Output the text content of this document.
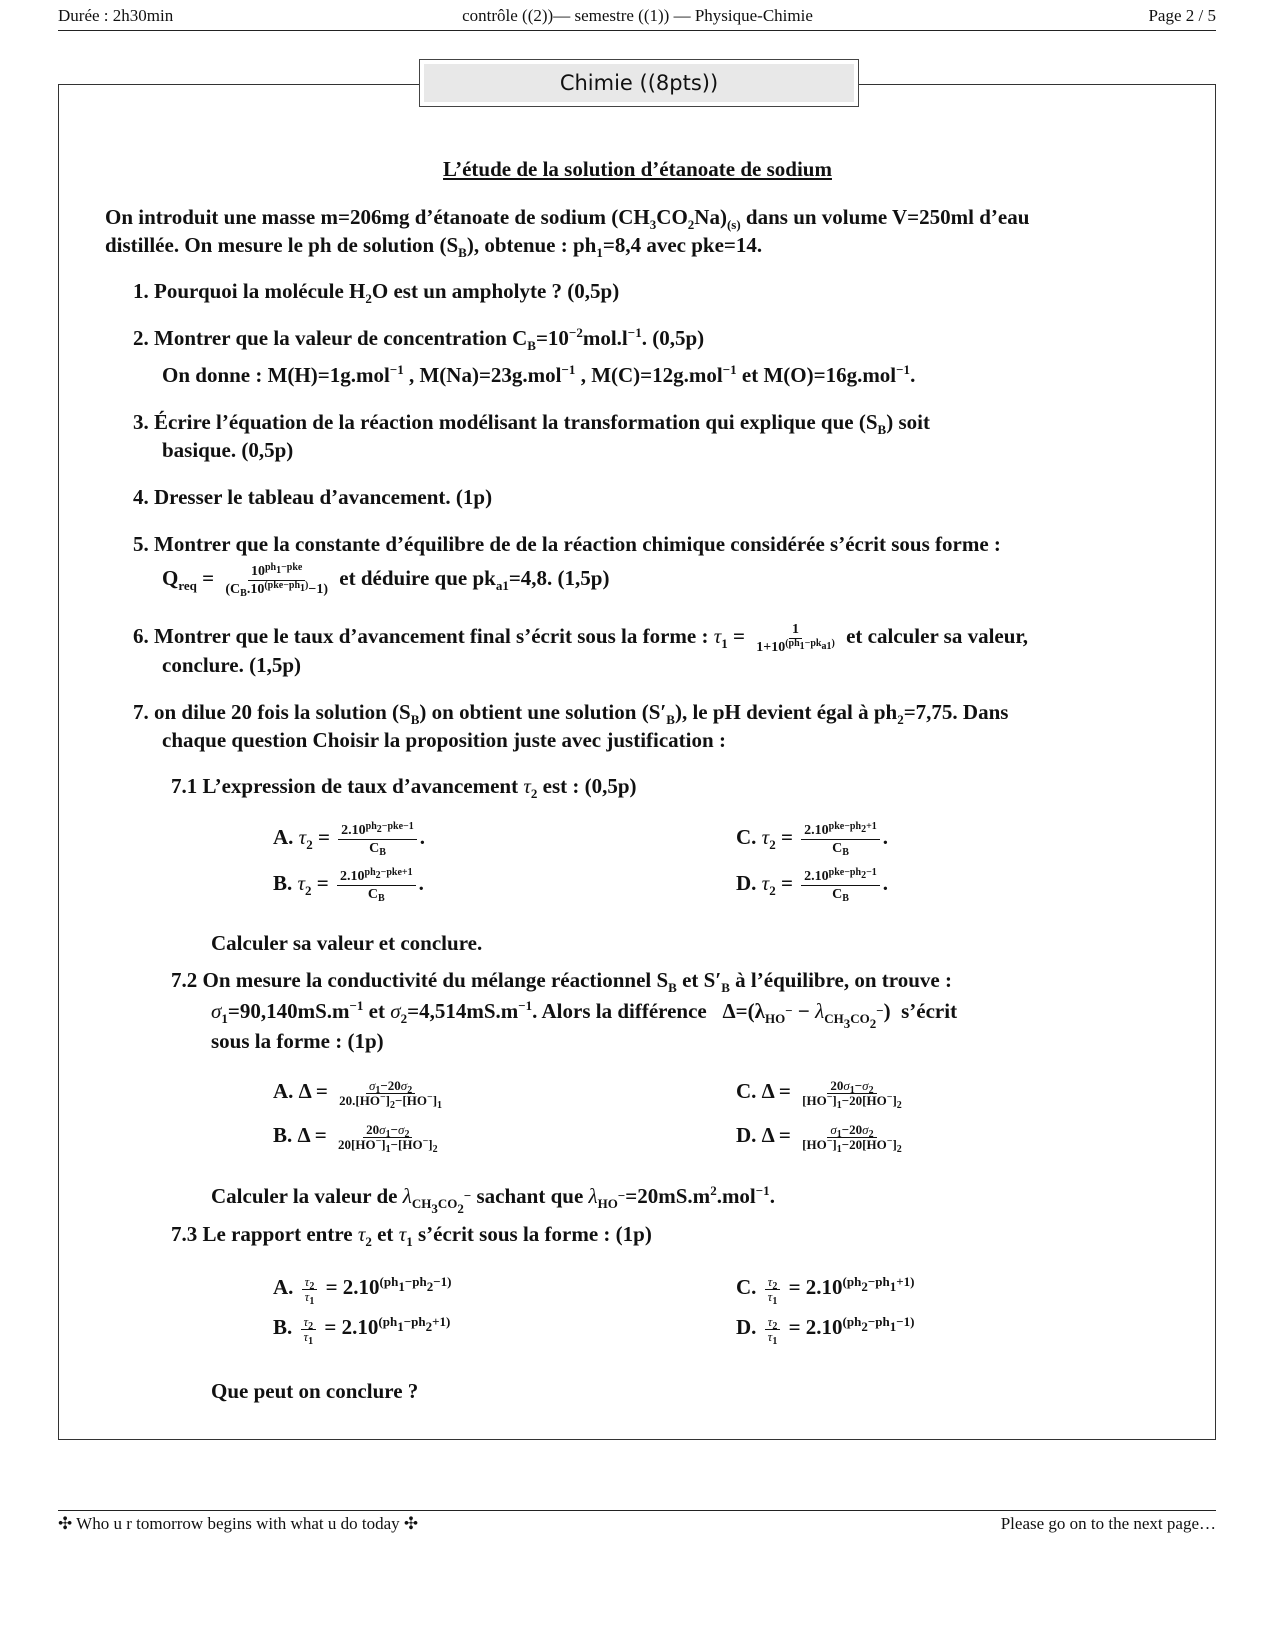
Durée : 2h30min	contrôle ((2))— semestre ((1)) — Physique-Chimie	Page 2 / 5
Chimie ((8pts))
L’étude de la solution d’étanoate de sodium
On introduit une masse m=206mg d’étanoate de sodium $(CH_3CO_2Na)_{(s)}$ dans un volume V=250ml d’eau
distillée. On mesure le ph de solution $(S_B)$, obtenue : $ph_1=8,4$ avec pke=14.
1. Pourquoi la molécule $H_2O$ est un ampholyte ? (0,5p)
2. Montrer que la valeur de concentration $C_B=10^{-2}mol.l^{-1}$. (0,5p)
On donne : M(H)=1g.mol$^{-1}$ , M(Na)=23g.mol$^{-1}$ , M(C)=12g.mol$^{-1}$ et M(O)=16g.mol$^{-1}$.
3. Écrire l’équation de la réaction modélisant la transformation qui explique que $(S_B)$ soit
basique. (0,5p)
4. Dresser le tableau d’avancement. (1p)
5. Montrer que la constante d’équilibre de de la réaction chimique considérée s’écrit sous forme :
$Q_{req} = \frac{10^{ph_1-pke}}{(C_B.10^{(pke-ph_1)}-1)}$ et déduire que $pk_{a1}=4,8$. (1,5p)
6. Montrer que le taux d’avancement final s’écrit sous la forme : $\tau_1 = \frac{1}{1+10^{(ph_1-pk_{a1})}}$ et calculer sa valeur,
conclure. (1,5p)
7. on dilue 20 fois la solution $(S_B)$ on obtient une solution $(S'_B)$, le pH devient égal à $ph_2=7,75$. Dans
chaque question Choisir la proposition juste avec justification :
7.1 L’expression de taux d’avancement $\tau_2$ est : (0,5p)
A. $\tau_2 = \frac{2.10^{ph_2-pke-1}}{C_B}$ .	C. $\tau_2 = \frac{2.10^{pke-ph_2+1}}{C_B}$ .
B. $\tau_2 = \frac{2.10^{ph_2-pke+1}}{C_B}$ .	D. $\tau_2 = \frac{2.10^{pke-ph_2-1}}{C_B}$ .
Calculer sa valeur et conclure.
7.2 On mesure la conductivité du mélange réactionnel $S_B$ et $S'_B$ à l’équilibre, on trouve :
$\sigma_1=90,140mS.m^{-1}$ et $\sigma_2=4,514mS.m^{-1}$. Alors la différence $\Delta=(\lambda_{HO^-} - \lambda_{CH_3CO_2^-})$  s’écrit
sous la forme : (1p)
A. $\Delta = \frac{\sigma_1-20\sigma_2}{20.[HO^-]_2-[HO^-]_1}$	C. $\Delta = \frac{20\sigma_1-\sigma_2}{[HO^-]_1-20[HO^-]_2}$
B. $\Delta = \frac{20\sigma_1-\sigma_2}{20[HO^-]_1-[HO^-]_2}$	D. $\Delta = \frac{\sigma_1-20\sigma_2}{[HO^-]_1-20[HO^-]_2}$
Calculer la valeur de $\lambda_{CH_3CO_2^-}$ sachant que $\lambda_{HO^-}=20mS.m^2.mol^{-1}$.
7.3 Le rapport entre $\tau_2$ et $\tau_1$ s’écrit sous la forme : (1p)
A. $\frac{\tau_2}{\tau_1} = 2.10^{(ph_1-ph_2-1)}$	C. $\frac{\tau_2}{\tau_1} = 2.10^{(ph_2-ph_1+1)}$
B. $\frac{\tau_2}{\tau_1} = 2.10^{(ph_1-ph_2+1)}$	D. $\frac{\tau_2}{\tau_1} = 2.10^{(ph_2-ph_1-1)}$
Que peut on conclure ?
✣ Who u r tomorrow begins with what u do today ✣	Please go on to the next page…
